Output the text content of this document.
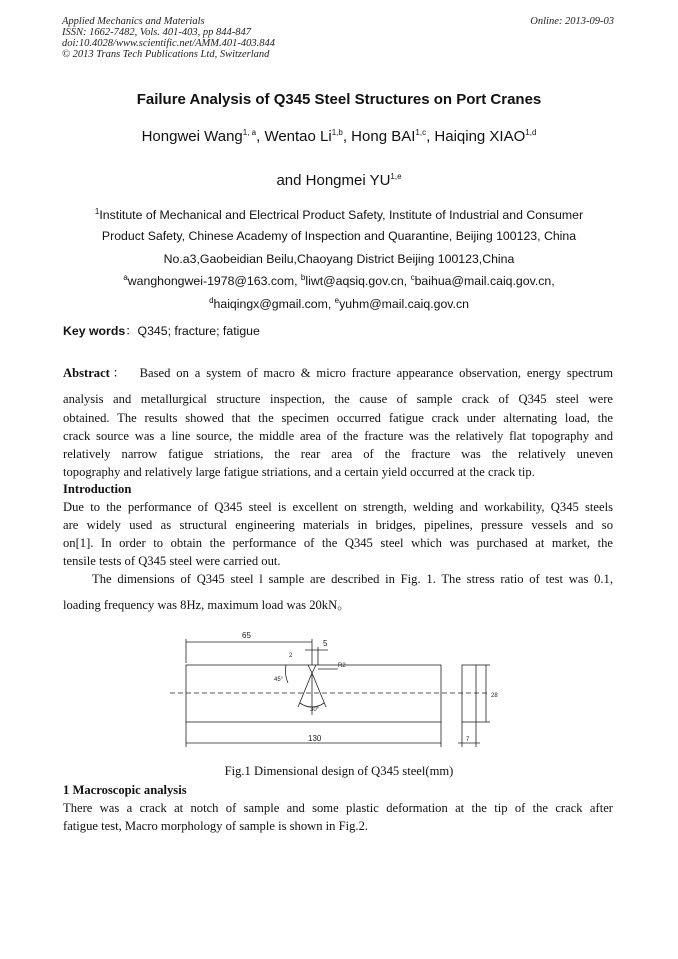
Applied Mechanics and Materials
ISSN: 1662-7482, Vols. 401-403, pp 844-847
doi:10.4028/www.scientific.net/AMM.401-403.844
© 2013 Trans Tech Publications Ltd, Switzerland
Online: 2013-09-03
Failure Analysis of Q345 Steel Structures on Port Cranes
Hongwei Wang$^{1, a}$, Wentao Li$^{1,b}$, Hong BAI$^{1,c}$, Haiqing XIAO$^{1,d}$
and Hongmei YU$^{1,e}$
$^1$Institute of Mechanical and Electrical Product Safety, Institute of Industrial and Consumer
Product Safety, Chinese Academy of Inspection and Quarantine, Beijing 100123, China
No.a3,Gaobeidian Beilu,Chaoyang District Beijing 100123,China
$^a$wanghongwei-1978@163.com, $^b$liwt@aqsiq.gov.cn, $^c$baihua@mail.caiq.gov.cn,
$^d$haiqingx@gmail.com, $^e$yuhm@mail.caiq.gov.cn
Key words：Q345; fracture; fatigue
Abstract： Based on a system of macro & micro fracture appearance observation, energy spectrum
analysis and metallurgical structure inspection, the cause of sample crack of Q345 steel were
obtained. The results showed that the specimen occurred fatigue crack under alternating load, the
crack source was a line source, the middle area of the fracture was the relatively flat topography and
relatively narrow fatigue striations, the rear area of the fracture was the relatively uneven
topography and relatively large fatigue striations, and a certain yield occurred at the crack tip.
Introduction
Due to the performance of Q345 steel is excellent on strength, welding and workability, Q345 steels
are widely used as structural engineering materials in bridges, pipelines, pressure vessels and so
on[1]. In order to obtain the performance of the Q345 steel which was purchased at market, the
tensile tests of Q345 steel were carried out.
The dimensions of Q345 steel l sample are described in Fig. 1. The stress ratio of test was 0.1,
loading frequency was 8Hz, maximum load was 20kN。
65
5
2
R2
45°
30°
130
28
7
Fig.1 Dimensional design of Q345 steel(mm)
1 Macroscopic analysis
There was a crack at notch of sample and some plastic deformation at the tip of the crack after
fatigue test, Macro morphology of sample is shown in Fig.2.
